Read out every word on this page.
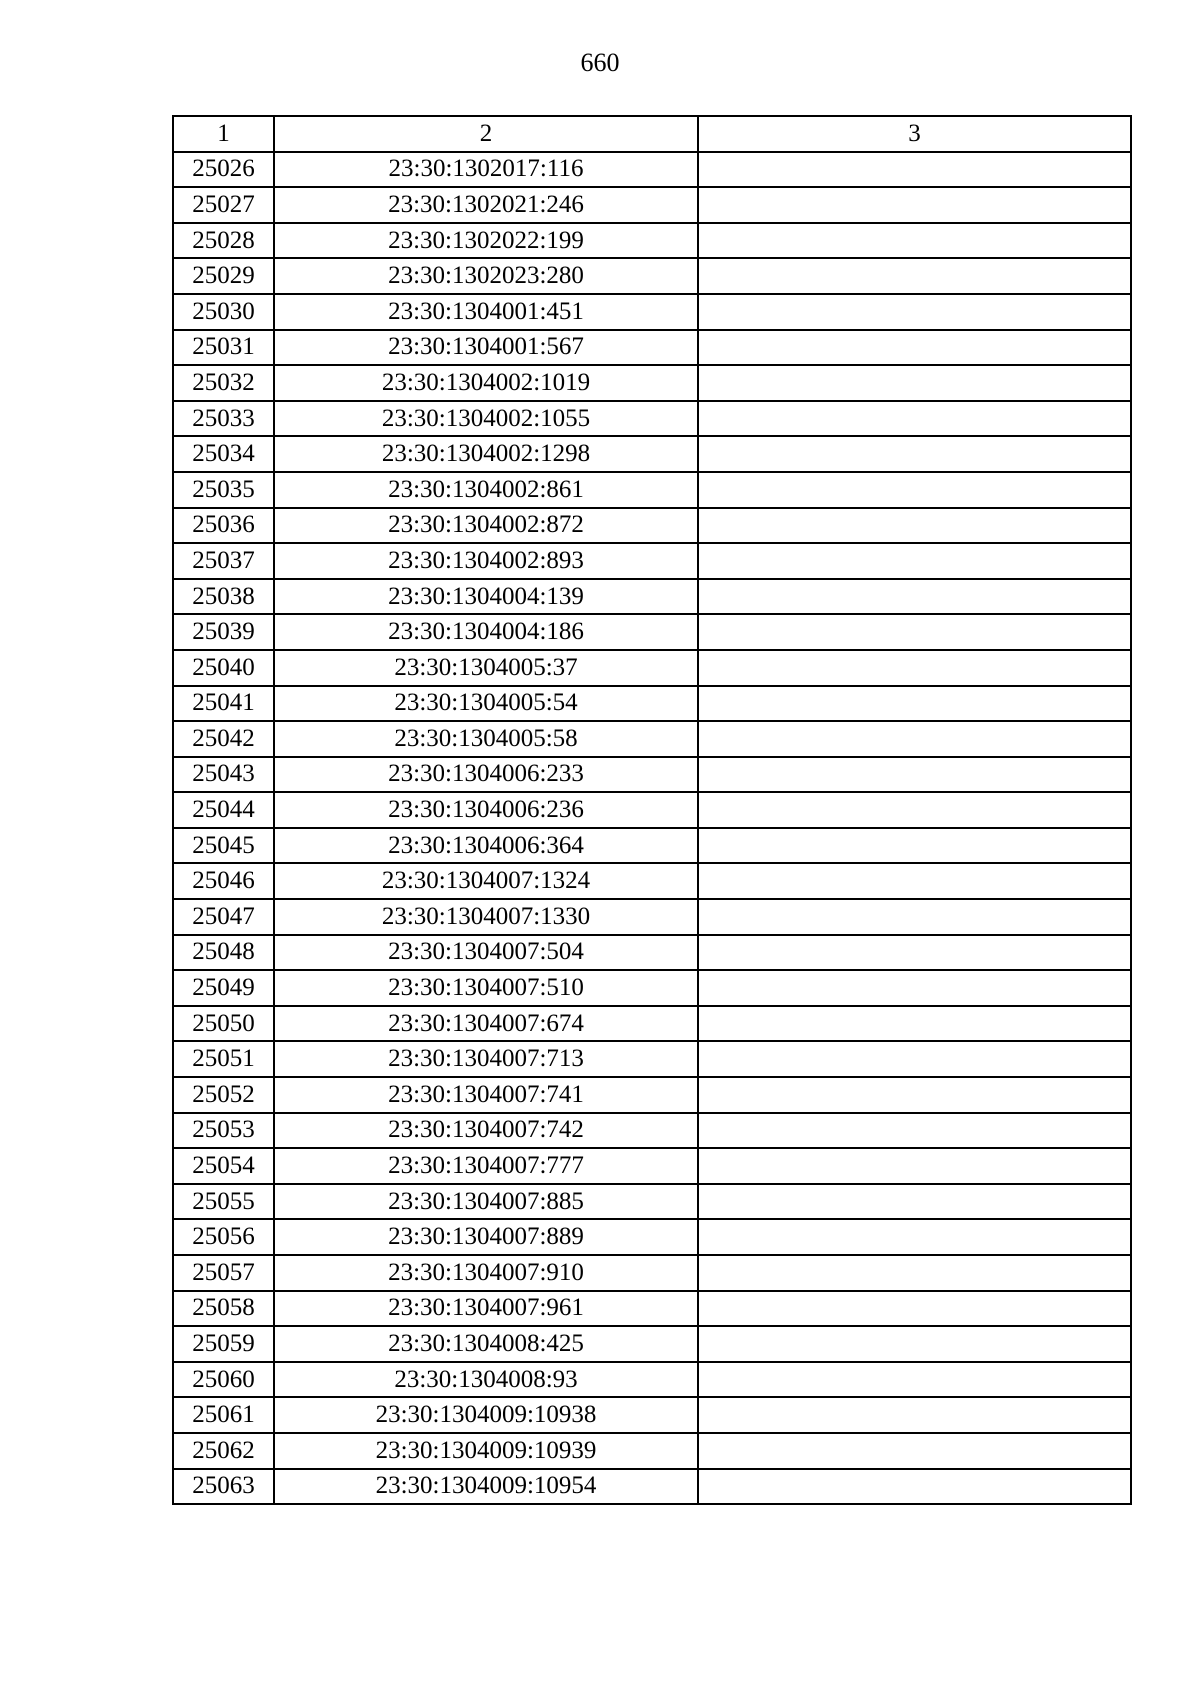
660
1	2	3
25026	23:30:1302017:116	
25027	23:30:1302021:246	
25028	23:30:1302022:199	
25029	23:30:1302023:280	
25030	23:30:1304001:451	
25031	23:30:1304001:567	
25032	23:30:1304002:1019	
25033	23:30:1304002:1055	
25034	23:30:1304002:1298	
25035	23:30:1304002:861	
25036	23:30:1304002:872	
25037	23:30:1304002:893	
25038	23:30:1304004:139	
25039	23:30:1304004:186	
25040	23:30:1304005:37	
25041	23:30:1304005:54	
25042	23:30:1304005:58	
25043	23:30:1304006:233	
25044	23:30:1304006:236	
25045	23:30:1304006:364	
25046	23:30:1304007:1324	
25047	23:30:1304007:1330	
25048	23:30:1304007:504	
25049	23:30:1304007:510	
25050	23:30:1304007:674	
25051	23:30:1304007:713	
25052	23:30:1304007:741	
25053	23:30:1304007:742	
25054	23:30:1304007:777	
25055	23:30:1304007:885	
25056	23:30:1304007:889	
25057	23:30:1304007:910	
25058	23:30:1304007:961	
25059	23:30:1304008:425	
25060	23:30:1304008:93	
25061	23:30:1304009:10938	
25062	23:30:1304009:10939	
25063	23:30:1304009:10954	
